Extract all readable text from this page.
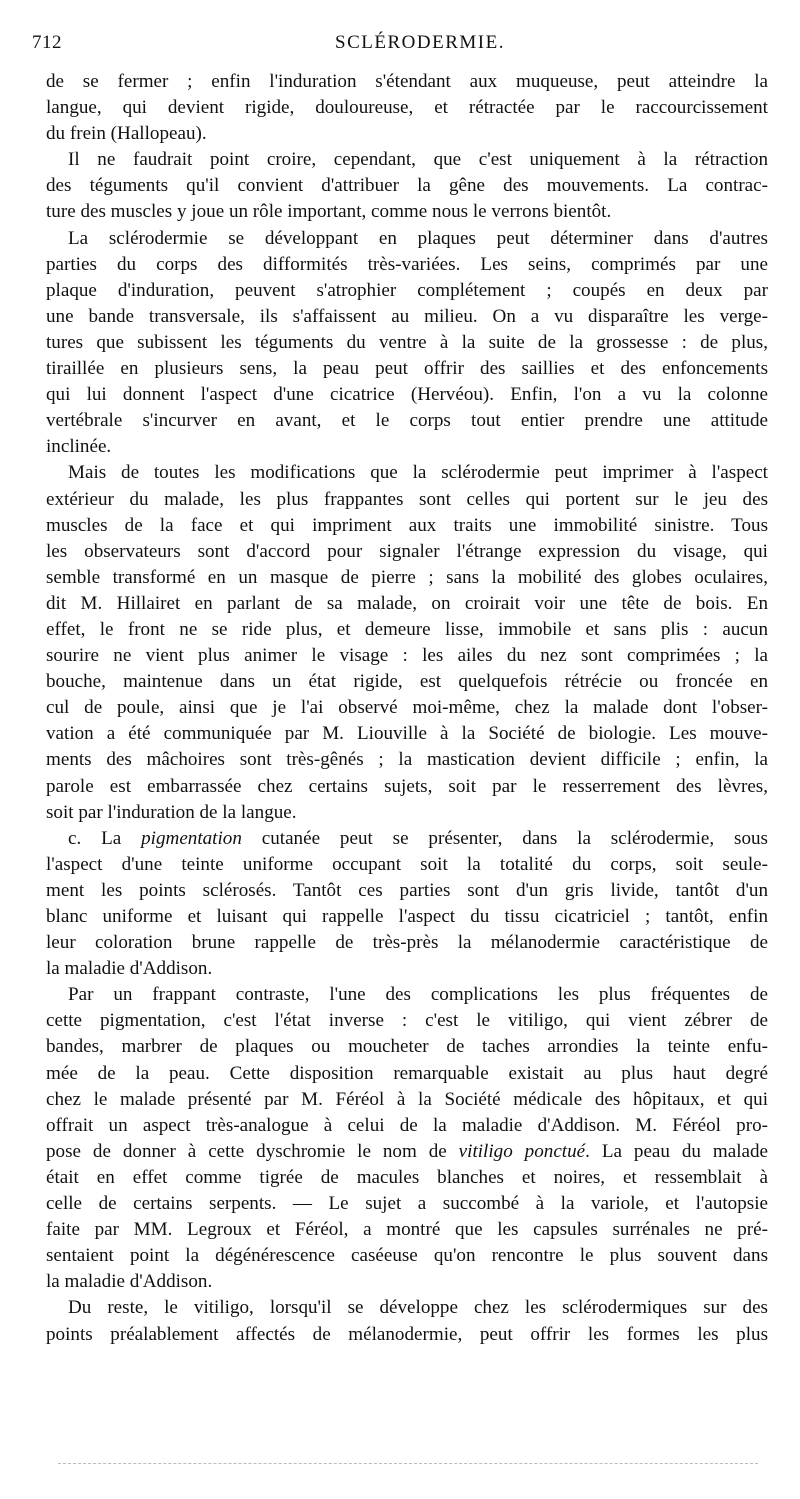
712	SCLÉRODERMIE.

de se fermer ; enfin l'induration s'étendant aux muqueuse, peut atteindre la
langue, qui devient rigide, douloureuse, et rétractée par le raccourcissement
du frein (Hallopeau).

Il ne faudrait point croire, cependant, que c'est uniquement à la rétraction
des téguments qu'il convient d'attribuer la gêne des mouvements. La contrac-
ture des muscles y joue un rôle important, comme nous le verrons bientôt.

La sclérodermie se développant en plaques peut déterminer dans d'autres
parties du corps des difformités très-variées. Les seins, comprimés par une
plaque d'induration, peuvent s'atrophier complétement ; coupés en deux par
une bande transversale, ils s'affaissent au milieu. On a vu disparaître les verge-
tures que subissent les téguments du ventre à la suite de la grossesse : de plus,
tiraillée en plusieurs sens, la peau peut offrir des saillies et des enfoncements
qui lui donnent l'aspect d'une cicatrice (Hervéou). Enfin, l'on a vu la colonne
vertébrale s'incurver en avant, et le corps tout entier prendre une attitude
inclinée.

Mais de toutes les modifications que la sclérodermie peut imprimer à l'aspect
extérieur du malade, les plus frappantes sont celles qui portent sur le jeu des
muscles de la face et qui impriment aux traits une immobilité sinistre. Tous
les observateurs sont d'accord pour signaler l'étrange expression du visage, qui
semble transformé en un masque de pierre ; sans la mobilité des globes oculaires,
dit M. Hillairet en parlant de sa malade, on croirait voir une tête de bois. En
effet, le front ne se ride plus, et demeure lisse, immobile et sans plis : aucun
sourire ne vient plus animer le visage : les ailes du nez sont comprimées ; la
bouche, maintenue dans un état rigide, est quelquefois rétrécie ou froncée en
cul de poule, ainsi que je l'ai observé moi-même, chez la malade dont l'obser-
vation a été communiquée par M. Liouville à la Société de biologie. Les mouve-
ments des mâchoires sont très-gênés ; la mastication devient difficile ; enfin, la
parole est embarrassée chez certains sujets, soit par le resserrement des lèvres,
soit par l'induration de la langue.

c. La pigmentation cutanée peut se présenter, dans la sclérodermie, sous
l'aspect d'une teinte uniforme occupant soit la totalité du corps, soit seule-
ment les points sclérosés. Tantôt ces parties sont d'un gris livide, tantôt d'un
blanc uniforme et luisant qui rappelle l'aspect du tissu cicatriciel ; tantôt, enfin
leur coloration brune rappelle de très-près la mélanodermie caractéristique de
la maladie d'Addison.

Par un frappant contraste, l'une des complications les plus fréquentes de
cette pigmentation, c'est l'état inverse : c'est le vitiligo, qui vient zébrer de
bandes, marbrer de plaques ou moucheter de taches arrondies la teinte enfu-
mée de la peau. Cette disposition remarquable existait au plus haut degré
chez le malade présenté par M. Féréol à la Société médicale des hôpitaux, et qui
offrait un aspect très-analogue à celui de la maladie d'Addison. M. Féréol pro-
pose de donner à cette dyschromie le nom de vitiligo ponctué. La peau du malade
était en effet comme tigrée de macules blanches et noires, et ressemblait à
celle de certains serpents. — Le sujet a succombé à la variole, et l'autopsie
faite par MM. Legroux et Féréol, a montré que les capsules surrénales ne pré-
sentaient point la dégénérescence caséeuse qu'on rencontre le plus souvent dans
la maladie d'Addison.

Du reste, le vitiligo, lorsqu'il se développe chez les sclérodermiques sur des
points préalablement affectés de mélanodermie, peut offrir les formes les plus
